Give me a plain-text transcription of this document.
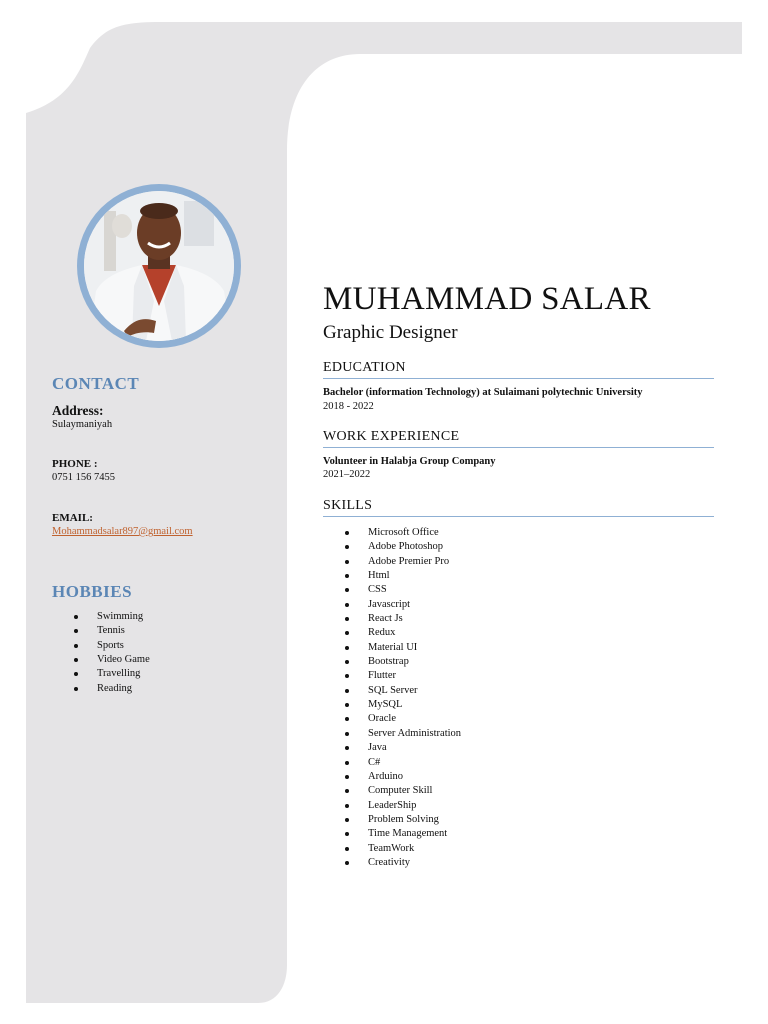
CONTACT

Address:

Sulaymaniyah

PHONE :

0751 156 7455

EMAIL:

Mohammadsalar897@gmail.com

HOBBIES
Swimming
Tennis
Sports
Video Game
Travelling
Reading
MUHAMMAD SALAR

Graphic Designer

EDUCATION

Bachelor (information Technology) at Sulaimani polytechnic University

2018 - 2022

WORK EXPERIENCE

Volunteer in Halabja Group Company

2021–2022

SKILLS
Microsoft Office
Adobe Photoshop
Adobe Premier Pro
Html
CSS
Javascript
React Js
Redux
Material UI
Bootstrap
Flutter
SQL Server
MySQL
Oracle
Server Administration
Java
C#
Arduino
Computer Skill
LeaderShip
Problem Solving
Time Management
TeamWork
Creativity
